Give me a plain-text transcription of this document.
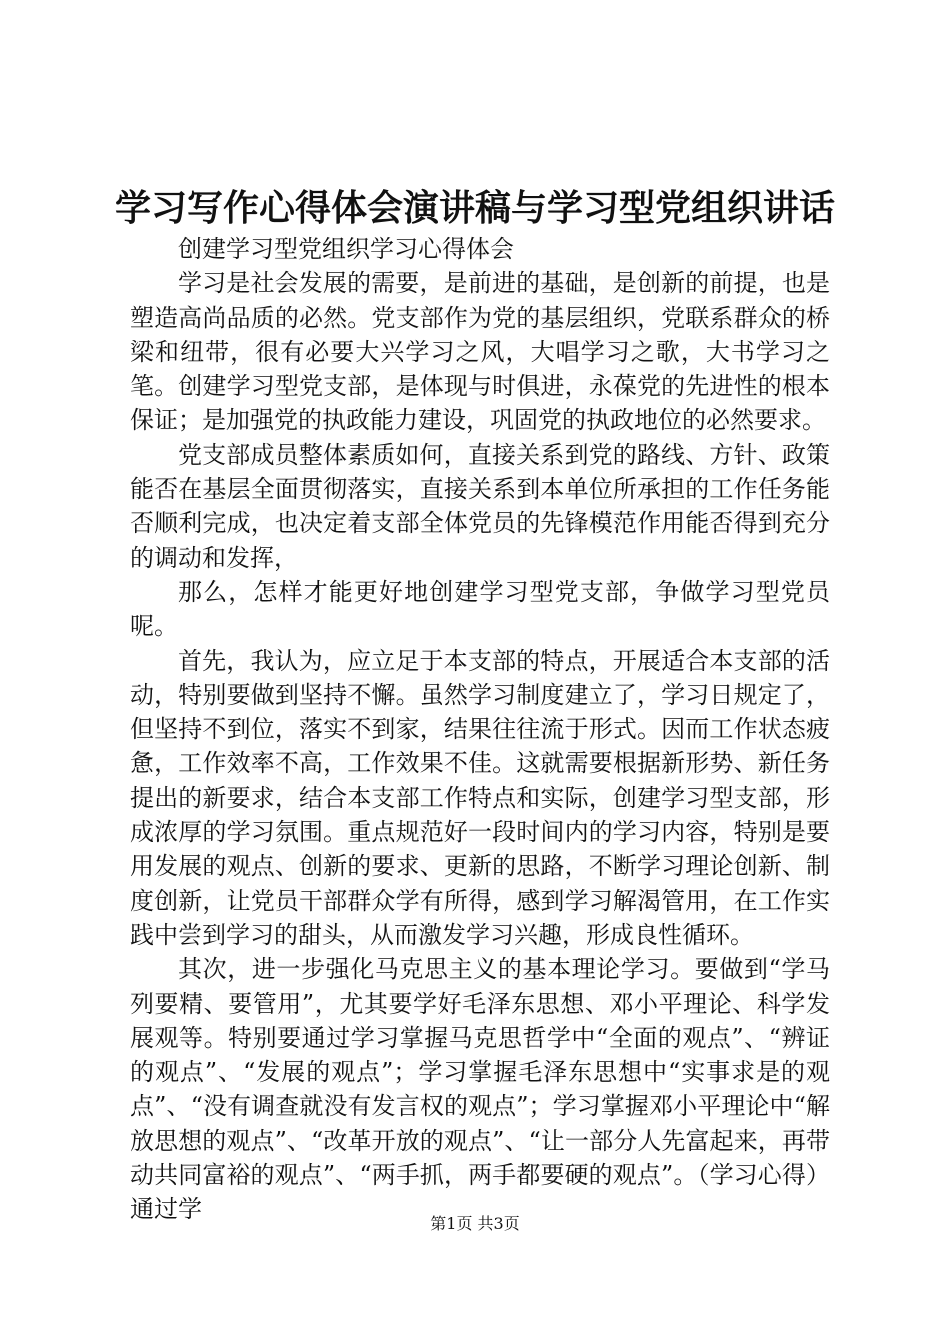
学习写作心得体会演讲稿与学习型党组织讲话

创建学习型党组织学习心得体会

学习是社会发展的需要，是前进的基础，是创新的前提，也是塑造高尚品质的必然。党支部作为党的基层组织，党联系群众的桥梁和纽带，很有必要大兴学习之风，大唱学习之歌，大书学习之笔。创建学习型党支部，是体现与时俱进，永葆党的先进性的根本保证；是加强党的执政能力建设，巩固党的执政地位的必然要求。

党支部成员整体素质如何，直接关系到党的路线、方针、政策能否在基层全面贯彻落实，直接关系到本单位所承担的工作任务能否顺利完成，也决定着支部全体党员的先锋模范作用能否得到充分的调动和发挥，

那么，怎样才能更好地创建学习型党支部，争做学习型党员呢。

首先，我认为，应立足于本支部的特点，开展适合本支部的活动，特别要做到坚持不懈。虽然学习制度建立了，学习日规定了，但坚持不到位，落实不到家，结果往往流于形式。因而工作状态疲惫，工作效率不高，工作效果不佳。这就需要根据新形势、新任务提出的新要求，结合本支部工作特点和实际，创建学习型支部，形成浓厚的学习氛围。重点规范好一段时间内的学习内容，特别是要用发展的观点、创新的要求、更新的思路，不断学习理论创新、制度创新，让党员干部群众学有所得，感到学习解渴管用，在工作实践中尝到学习的甜头，从而激发学习兴趣，形成良性循环。

其次，进一步强化马克思主义的基本理论学习。要做到“学马列要精、要管用”，尤其要学好毛泽东思想、邓小平理论、科学发展观等。特别要通过学习掌握马克思哲学中“全面的观点”、“辨证的观点”、“发展的观点”；学习掌握毛泽东思想中“实事求是的观点”、“没有调查就没有发言权的观点”；学习掌握邓小平理论中“解放思想的观点”、“改革开放的观点”、“让一部分人先富起来，再带动共同富裕的观点”、“两手抓，两手都要硬的观点”。（学习心得）通过学

第1页 共3页
